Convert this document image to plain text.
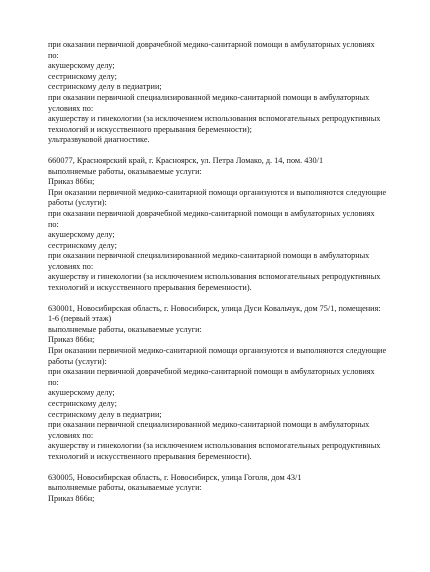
при оказании первичной доврачебной медико-санитарной помощи в амбулаторных условиях
по:
акушерскому делу;
сестринскому делу;
сестринскому делу в педиатрии;
при оказании первичной специализированной медико-санитарной помощи в амбулаторных
условиях по:
акушерству и гинекологии (за исключением использования вспомогательных репродуктивных
технологий и искусственного прерывания беременности);
ультразвуковой диагностике.
660077, Красноярский край, г. Красноярск, ул. Петра Ломако, д. 14, пом. 430/1
выполняемые работы, оказываемые услуги:
Приказ 866н;
При оказании первичной медико-санитарной помощи организуются и выполняются следующие
работы (услуги):
при оказании первичной доврачебной медико-санитарной помощи в амбулаторных условиях
по:
акушерскому делу;
сестринскому делу;
при оказании первичной специализированной медико-санитарной помощи в амбулаторных
условиях по:
акушерству и гинекологии (за исключением использования вспомогательных репродуктивных
технологий и искусственного прерывания беременности).
630001, Новосибирская область, г. Новосибирск, улица Дуси Ковальчук, дом 75/1, помещения:
1-6 (первый этаж)
выполняемые работы, оказываемые услуги:
Приказ 866н;
При оказании первичной медико-санитарной помощи организуются и выполняются следующие
работы (услуги):
при оказании первичной доврачебной медико-санитарной помощи в амбулаторных условиях
по:
акушерскому делу;
сестринскому делу;
сестринскому делу в педиатрии;
при оказании первичной специализированной медико-санитарной помощи в амбулаторных
условиях по:
акушерству и гинекологии (за исключением использования вспомогательных репродуктивных
технологий и искусственного прерывания беременности).
630005, Новосибирская область, г. Новосибирск, улица Гоголя, дом 43/1
выполняемые работы, оказываемые услуги:
Приказ 866н;
